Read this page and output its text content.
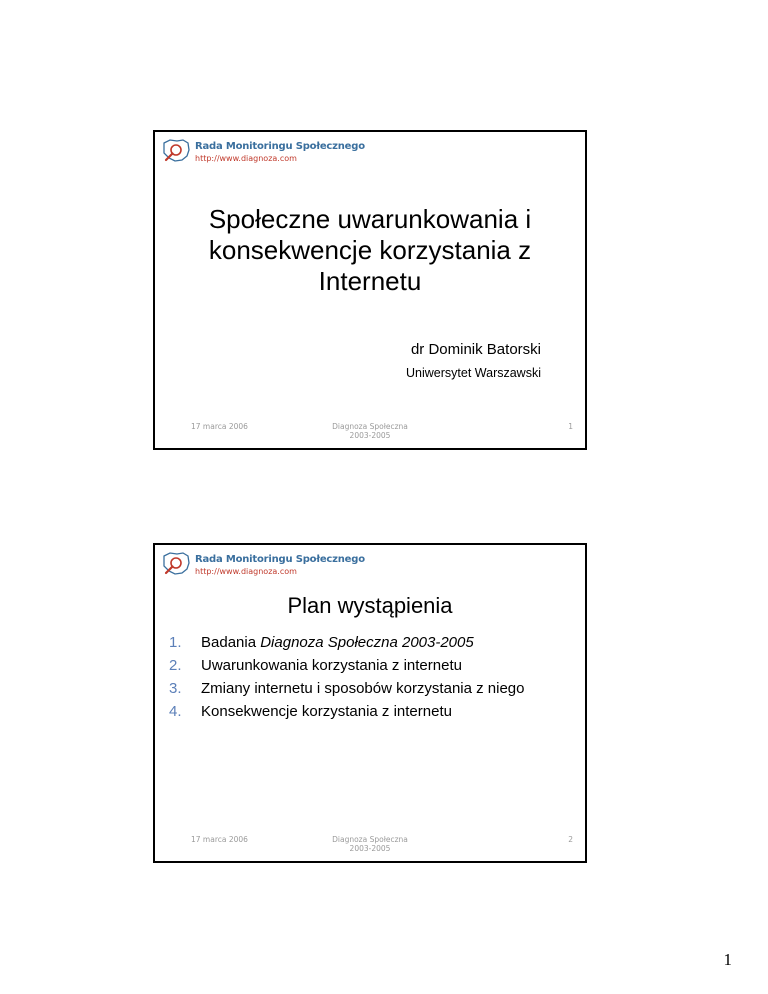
Rada Monitoringu Społecznego
http://www.diagnoza.com
Społeczne uwarunkowania i
konsekwencje korzystania z
Internetu
dr Dominik Batorski
Uniwersytet Warszawski
17 marca 2006	Diagnoza Społeczna
2003-2005
1
Rada Monitoringu Społecznego
http://www.diagnoza.com
Plan wystąpienia
1. Badania Diagnoza Społeczna 2003-2005
2. Uwarunkowania korzystania z internetu
3. Zmiany internetu i sposobów korzystania z niego
4. Konsekwencje korzystania z internetu
17 marca 2006	Diagnoza Społeczna
2003-2005
2
1
